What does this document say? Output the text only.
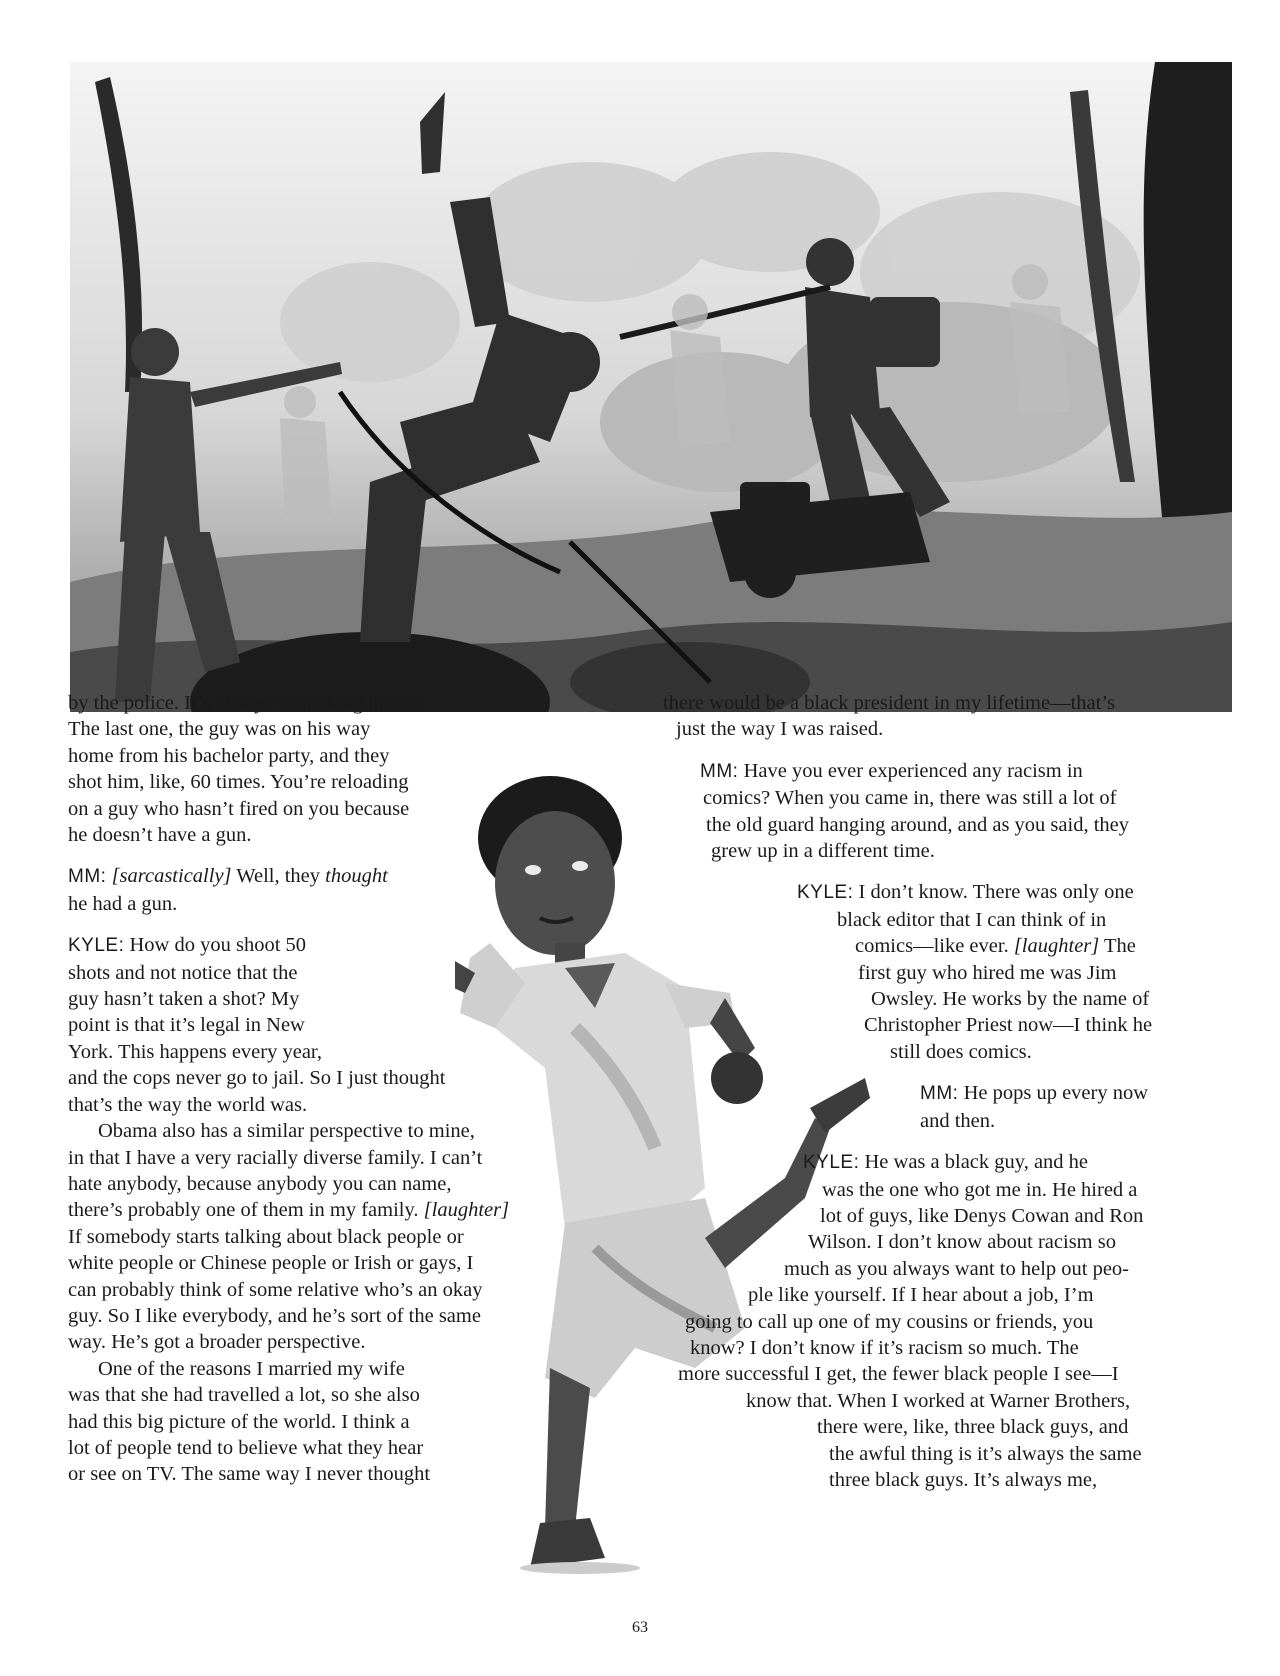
by the police. It’s always something insane.
The last one, the guy was on his way
home from his bachelor party, and they
shot him, like, 60 times. You’re reloading
on a guy who hasn’t fired on you because
he doesn’t have a gun.
MM: [sarcastically] Well, they thought
he had a gun.
KYLE: How do you shoot 50
shots and not notice that the
guy hasn’t taken a shot? My
point is that it’s legal in New
York. This happens every year,
and the cops never go to jail. So I just thought
that’s the way the world was.
Obama also has a similar perspective to mine,
in that I have a very racially diverse family. I can’t
hate anybody, because anybody you can name,
there’s probably one of them in my family. [laughter]
If somebody starts talking about black people or
white people or Chinese people or Irish or gays, I
can probably think of some relative who’s an okay
guy. So I like everybody, and he’s sort of the same
way. He’s got a broader perspective.
One of the reasons I married my wife
was that she had travelled a lot, so she also
had this big picture of the world. I think a
lot of people tend to believe what they hear
or see on TV. The same way I never thought
there would be a black president in my lifetime—that’s
just the way I was raised.
MM: Have you ever experienced any racism in
comics? When you came in, there was still a lot of
the old guard hanging around, and as you said, they
grew up in a different time.
KYLE: I don’t know. There was only one
black editor that I can think of in
comics—like ever. [laughter] The
first guy who hired me was Jim
Owsley. He works by the name of
Christopher Priest now—I think he
still does comics.
MM: He pops up every now
and then.
KYLE: He was a black guy, and he
was the one who got me in. He hired a
lot of guys, like Denys Cowan and Ron
Wilson. I don’t know about racism so
much as you always want to help out peo-
ple like yourself. If I hear about a job, I’m
going to call up one of my cousins or friends, you
know? I don’t know if it’s racism so much. The
more successful I get, the fewer black people I see—I
know that. When I worked at Warner Brothers,
there were, like, three black guys, and
the awful thing is it’s always the same
three black guys. It’s always me,
63
